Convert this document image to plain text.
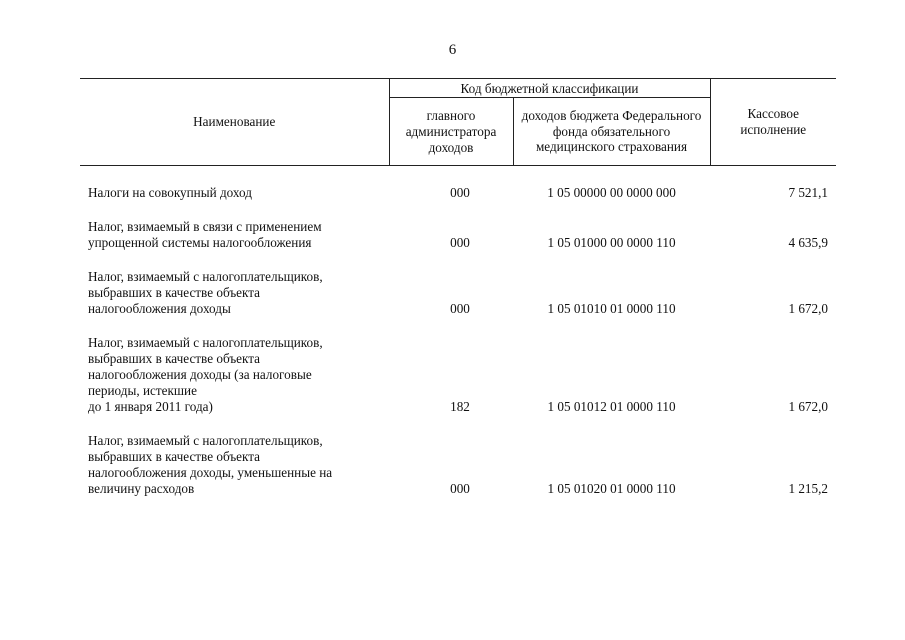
6
Наименование	Код бюджетной классификации		Кассовое исполнение
	главного администратора доходов	доходов бюджета Федерального фонда обязательного медицинского страхования	

Налоги на совокупный доход	000	1 05 00000 00 0000 000	7 521,1

Налог, взимаемый в связи с применением
упрощенной системы налогообложения	000	1 05 01000 00 0000 110	4 635,9

Налог, взимаемый с налогоплательщиков,
выбравших в качестве объекта
налогообложения доходы	000	1 05 01010 01 0000 110	1 672,0

Налог, взимаемый с налогоплательщиков,
выбравших в качестве объекта
налогообложения доходы (за налоговые
периоды, истекшие
до 1 января 2011 года)	182	1 05 01012 01 0000 110	1 672,0

Налог, взимаемый с налогоплательщиков,
выбравших в качестве объекта
налогообложения доходы, уменьшенные на
величину расходов	000	1 05 01020 01 0000 110	1 215,2
